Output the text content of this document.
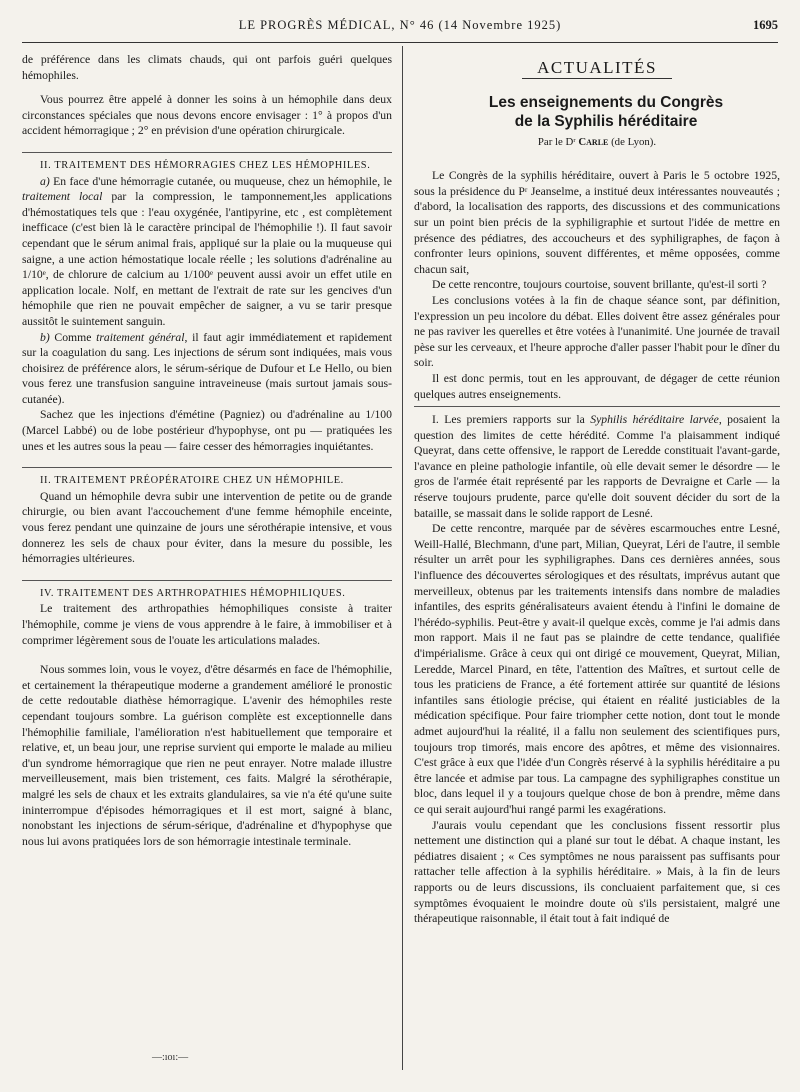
LE PROGRÈS MÉDICAL, N° 46 (14 Novembre 1925)	1695

de préférence dans les climats chauds, qui ont parfois guéri quelques hémophiles.

Vous pourrez être appelé à donner les soins à un hémophile dans deux circonstances spéciales que nous devons encore envisager : 1° à propos d'un accident hémorragique ; 2° en prévision d'une opération chirurgicale.

II. TRAITEMENT DES HÉMORRAGIES CHEZ LES HÉMOPHILES.

a) En face d'une hémorragie cutanée, ou muqueuse, chez un hémophile, le traitement local par la compression, le tamponnement,les applications d'hémostatiques tels que : l'eau oxygénée, l'antipyrine, etc , est complètement inefficace (c'est bien là le caractère principal de l'hémophilie !). Il faut savoir cependant que le sérum animal frais, appliqué sur la plaie ou la muqueuse qui saigne, a une action hémostatique locale réelle ; les solutions d'adrénaline au 1/10ᵉ, de chlorure de calcium au 1/100ᵉ peuvent aussi avoir un effet utile en application locale. Nolf, en mettant de l'extrait de rate sur les gencives d'un hémophile que rien ne pouvait empêcher de saigner, a vu se tarir presque aussitôt le suintement sanguin.

b) Comme traitement général, il faut agir immédiatement et rapidement sur la coagulation du sang. Les injections de sérum sont indiquées, mais vous choisirez de préférence alors, le sérum-sérique de Dufour et Le Hello, ou bien vous ferez une transfusion sanguine intraveineuse (mais surtout jamais sous-cutanée).

Sachez que les injections d'émétine (Pagniez) ou d'adrénaline au 1/100 (Marcel Labbé) ou de lobe postérieur d'hypophyse, ont pu — pratiquées les unes et les autres sous la peau — faire cesser des hémorragies inquiétantes.

II. TRAITEMENT PRÉOPÉRATOIRE CHEZ UN HÉMOPHILE.

Quand un hémophile devra subir une intervention de petite ou de grande chirurgie, ou bien avant l'accouchement d'une femme hémophile enceinte, vous ferez pendant une quinzaine de jours une sérothérapie intensive, et vous donnerez les sels de chaux pour éviter, dans la mesure du possible, les hémorragies ultérieures.

IV. TRAITEMENT DES ARTHROPATHIES HÉMOPHILIQUES.

Le traitement des arthropathies hémophiliques consiste à traiter l'hémophile, comme je viens de vous apprendre à le faire, à immobiliser et à comprimer légèrement sous de l'ouate les articulations malades.

Nous sommes loin, vous le voyez, d'être désarmés en face de l'hémophilie, et certainement la thérapeutique moderne a grandement amélioré le pronostic de cette redoutable diathèse hémorragique. L'avenir des hémophiles reste cependant toujours sombre. La guérison complète est exceptionnelle dans l'hémophilie familiale, l'amélioration n'est habituellement que temporaire et relative, et, un beau jour, une reprise survient qui emporte le malade au milieu d'un syndrome hémorragique que rien ne peut enrayer. Notre malade illustre merveilleusement, mais bien tristement, ces faits. Malgré la sérothérapie, malgré les sels de chaux et les extraits glandulaires, sa vie n'a été qu'une suite ininterrompue d'épisodes hémorragiques et il est mort, saigné à blanc, nonobstant les injections de sérum-sérique, d'adrénaline et d'hypophyse que nous lui avons pratiquées lors de son hémorragie intestinale terminale.

—:ıoı:—
ACTUALITÉS

Les enseignements du Congrès

de la Syphilis héréditaire

Par le Dʳ Carle (de Lyon).

Le Congrès de la syphilis héréditaire, ouvert à Paris le 5 octobre 1925, sous la présidence du Pʳ Jeanselme, a institué deux intéressantes nouveautés ; d'abord, la localisation des rapports, des discussions et des communications sur un point bien précis de la syphiligraphie et surtout l'idée de mettre en présence des pédiatres, des accoucheurs et des syphiligraphes, de façon à confronter leurs opinions, souvent différentes, et même opposées, comme chacun sait,

De cette rencontre, toujours courtoise, souvent brillante, qu'est-il sorti ?

Les conclusions votées à la fin de chaque séance sont, par définition, l'expression un peu incolore du débat. Elles doivent être assez générales pour ne pas raviver les querelles et être votées à l'unanimité. Une journée de travail pèse sur les cerveaux, et l'heure approche d'aller passer l'habit pour le dîner du soir.

Il est donc permis, tout en les approuvant, de dégager de cette réunion quelques autres enseignements.

I. Les premiers rapports sur la Syphilis héréditaire larvée, posaient la question des limites de cette hérédité. Comme l'a plaisamment indiqué Queyrat, dans cette offensive, le rapport de Leredde constituait l'avant-garde, l'avance en pleine pathologie infantile, où elle devait semer le désordre — le gros de l'armée était représenté par les rapports de Devraigne et Carle — la réserve toujours prudente, parce qu'elle doit souvent décider du sort de la bataille, se massait dans le solide rapport de Lesné.

De cette rencontre, marquée par de sévères escarmouches entre Lesné, Weill-Hallé, Blechmann, d'une part, Milian, Queyrat, Léri de l'autre, il semble résulter un arrêt pour les syphiligraphes. Dans ces dernières années, sous l'influence des découvertes sérologiques et des résultats, imprévus autant que merveilleux, obtenus par les traitements intensifs dans nombre de maladies infantiles, des esprits généralisateurs avaient étendu à l'infini le domaine de l'hérédo-syphilis. Peut-être y avait-il quelque excès, comme je l'ai admis dans mon rapport. Mais il ne faut pas se plaindre de cette tendance, qualifiée d'impérialisme. Grâce à ceux qui ont dirigé ce mouvement, Queyrat, Milian, Leredde, Marcel Pinard, en tête, l'attention des Maîtres, et surtout celle de tous les praticiens de France, a été fortement attirée sur quantité de lésions infantiles sans étiologie précise, qui étaient en réalité justiciables de la médication spécifique. Pour faire triompher cette notion, dont tout le monde admet aujourd'hui la réalité, il a fallu non seulement des scientifiques purs, toujours trop timorés, mais encore des apôtres, et même des visionnaires. C'est grâce à eux que l'idée d'un Congrès réservé à la syphilis héréditaire a pu être lancée et admise par tous. La campagne des syphiligraphes constitue un bloc, dans lequel il y a toujours quelque chose de bon à prendre, même dans ce qui serait aujourd'hui rangé parmi les exagérations.

J'aurais voulu cependant que les conclusions fissent ressortir plus nettement une distinction qui a plané sur tout le débat. A chaque instant, les pédiatres disaient ; « Ces symptômes ne nous paraissent pas suffisants pour rattacher telle affection à la syphilis héréditaire. » Mais, à la fin de leurs rapports ou de leurs discussions, ils concluaient parfaitement que, si ces symptômes évoquaient le moindre doute où s'ils persistaient, malgré une thérapeutique raisonnable, il était tout à fait indiqué de
